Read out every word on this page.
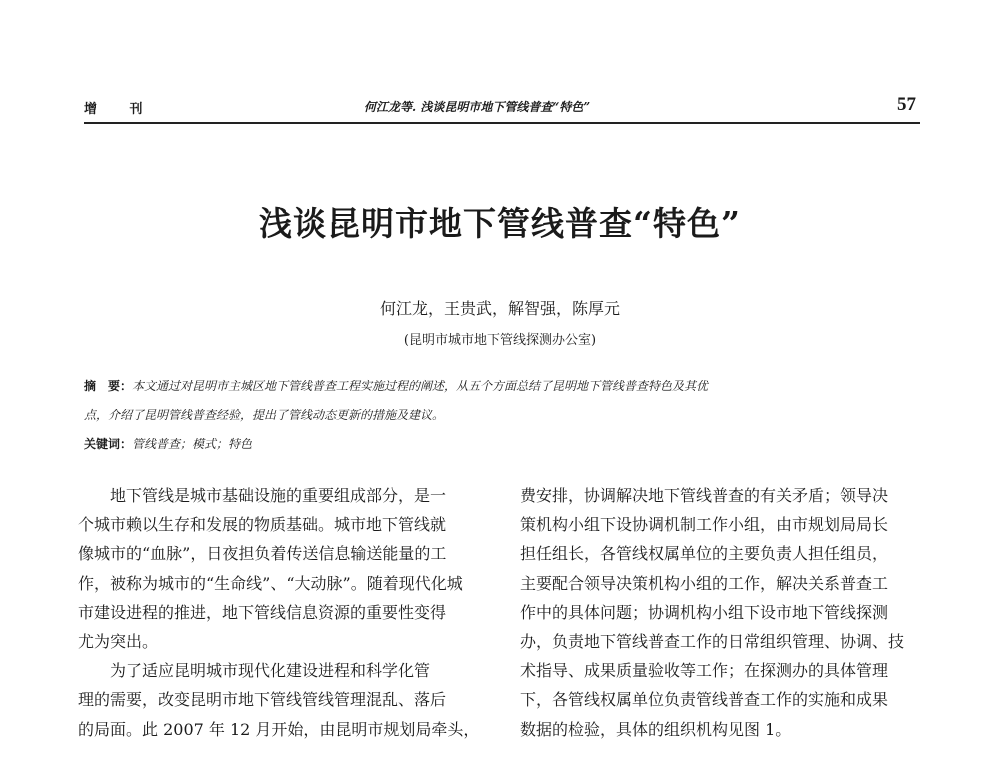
增 刊	何江龙等. 浅谈昆明市地下管线普查“特色”	57
浅谈昆明市地下管线普查“特色”
何江龙，王贵武，解智强，陈厚元
(昆明市城市地下管线探测办公室)
摘　要：本文通过对昆明市主城区地下管线普查工程实施过程的阐述，从五个方面总结了昆明地下管线普查特色及其优
点，介绍了昆明管线普查经验，提出了管线动态更新的措施及建议。
关键词：管线普查；模式；特色
　　地下管线是城市基础设施的重要组成部分，是一
个城市赖以生存和发展的物质基础。城市地下管线就
像城市的“血脉”，日夜担负着传送信息输送能量的工
作，被称为城市的“生命线”、“大动脉”。随着现代化城
市建设进程的推进，地下管线信息资源的重要性变得
尤为突出。
　　为了适应昆明城市现代化建设进程和科学化管
理的需要，改变昆明市地下管线管线管理混乱、落后
的局面。此 2007 年 12 月开始，由昆明市规划局牵头，
费安排，协调解决地下管线普查的有关矛盾；领导决
策机构小组下设协调机制工作小组，由市规划局局长
担任组长，各管线权属单位的主要负责人担任组员，
主要配合领导决策机构小组的工作，解决关系普查工
作中的具体问题；协调机构小组下设市地下管线探测
办，负责地下管线普查工作的日常组织管理、协调、技
术指导、成果质量验收等工作；在探测办的具体管理
下，各管线权属单位负责管线普查工作的实施和成果
数据的检验，具体的组织机构见图 1。
